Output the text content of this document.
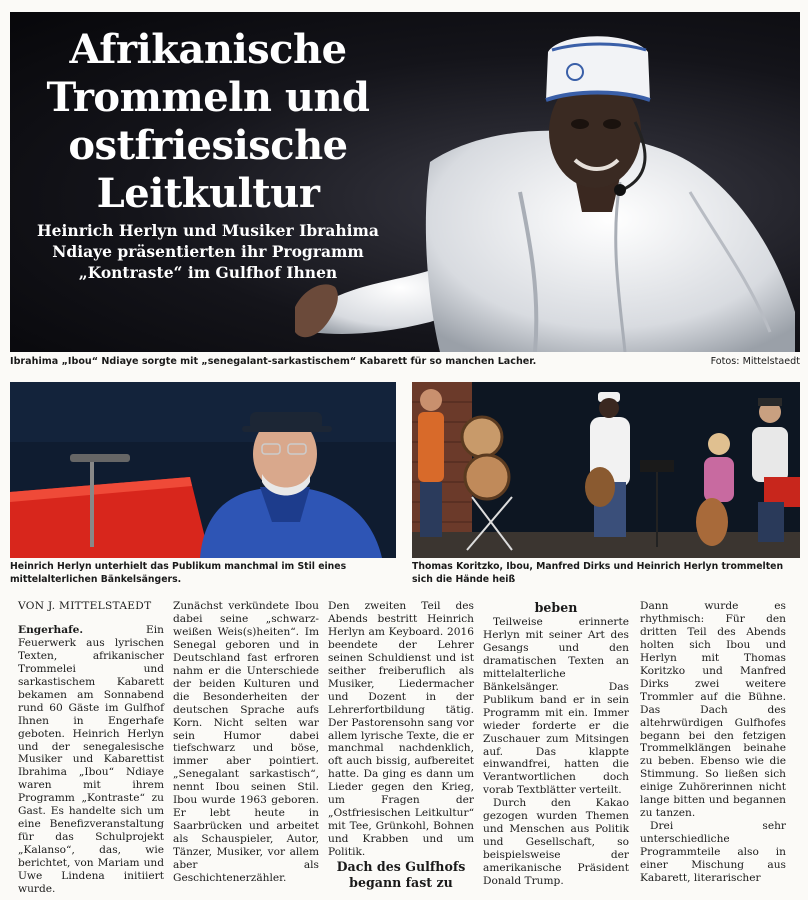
Afrikanische
Trommeln und
ostfriesische
Leitkultur
Heinrich Herlyn und Musiker Ibrahima
Ndiaye präsentierten ihr Programm
„Kontraste“ im Gulfhof Ihnen
Ibrahima „Ibou“ Ndiaye sorgte mit „senegalant-sarkastischem“ Kabarett für so manchen Lacher.	Fotos: Mittelstaedt
Heinrich Herlyn unterhielt das Publikum manchmal im Stil eines mittelalterlichen Bänkelsängers.
Thomas Koritzko, Ibou, Manfred Dirks und Heinrich Herlyn trommelten sich die Hände heiß

VON J. MITTELSTAEDT

Engerhafe. Ein Feuerwerk aus lyrischen Texten, afrikanischer Trommelei und sarkastischem Kabarett bekamen am Sonnabend rund 60 Gäste im Gulfhof Ihnen in Engerhafe geboten. Heinrich Herlyn und der senegalesische Musiker und Kabarettist Ibrahima „Ibou“ Ndiaye waren mit ihrem Programm „Kontraste“ zu Gast. Es handelte sich um eine Benefizveranstaltung für das Schulprojekt „Kalanso“, das, wie berichtet, von Mariam und Uwe Lindena initiiert wurde.

Zunächst verkündete Ibou dabei seine „schwarz-weißen Weis(s)heiten“. Im Senegal geboren und in Deutschland fast erfroren nahm er die Unterschiede der beiden Kulturen und die Besonderheiten der deutschen Sprache aufs Korn. Nicht selten war sein Humor dabei tiefschwarz und böse, immer aber pointiert. „Senegalant sarkastisch“, nennt Ibou seinen Stil. Ibou wurde 1963 geboren. Er lebt heute in Saarbrücken und arbeitet als Schauspieler, Autor, Tänzer, Musiker, vor allem aber als Geschichtenerzähler.

Den zweiten Teil des Abends bestritt Heinrich Herlyn am Keyboard. 2016 beendete der Lehrer seinen Schuldienst und ist seither freiberuflich als Musiker, Liedermacher und Dozent in der Lehrerfortbildung tätig. Der Pastorensohn sang vor allem lyrische Texte, die er manchmal nachdenklich, oft auch bissig, aufbereitet hatte. Da ging es dann um Lieder gegen den Krieg, um Fragen der „Ostfriesischen Leitkultur“ mit Tee, Grünkohl, Bohnen und Krabben und um Politik.

Dach des Gulfhofs begann fast zu

beben

Teilweise erinnerte Herlyn mit seiner Art des Gesangs und den dramatischen Texten an mittelalterliche Bänkelsänger. Das Publikum band er in sein Programm mit ein. Immer wieder forderte er die Zuschauer zum Mitsingen auf. Das klappte einwandfrei, hatten die Verantwortlichen doch vorab Textblätter verteilt.

Durch den Kakao gezogen wurden Themen und Menschen aus Politik und Gesellschaft, so beispielsweise der amerikanische Präsident Donald Trump.

Dann wurde es rhythmisch: Für den dritten Teil des Abends holten sich Ibou und Herlyn mit Thomas Koritzko und Manfred Dirks zwei weitere Trommler auf die Bühne. Das Dach des altehrwürdigen Gulfhofes begann bei den fetzigen Trommelklängen beinahe zu beben. Ebenso wie die Stimmung. So ließen sich einige Zuhörerinnen nicht lange bitten und begannen zu tanzen.

Drei sehr unterschiedliche Programmteile also in einer Mischung aus Kabarett, literarischer
